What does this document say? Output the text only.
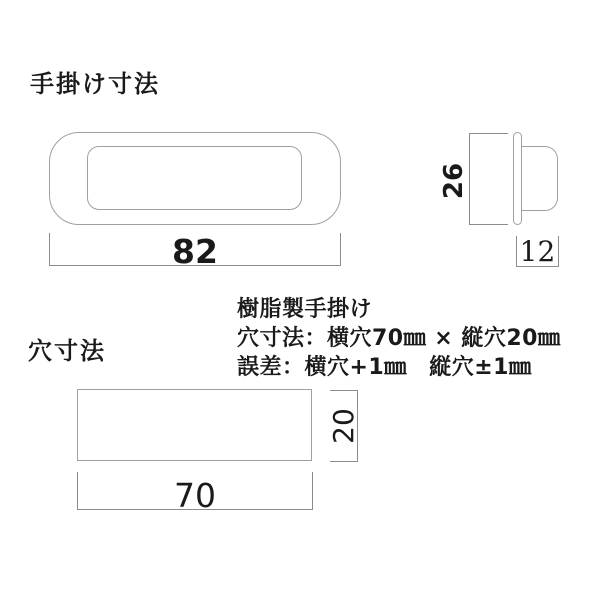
手掛け寸法
82
26
12

樹脂製手掛け

穴寸法：横穴70㎜ × 縦穴20㎜

誤差：横穴+1㎜　縦穴±1㎜

穴寸法
70
20
